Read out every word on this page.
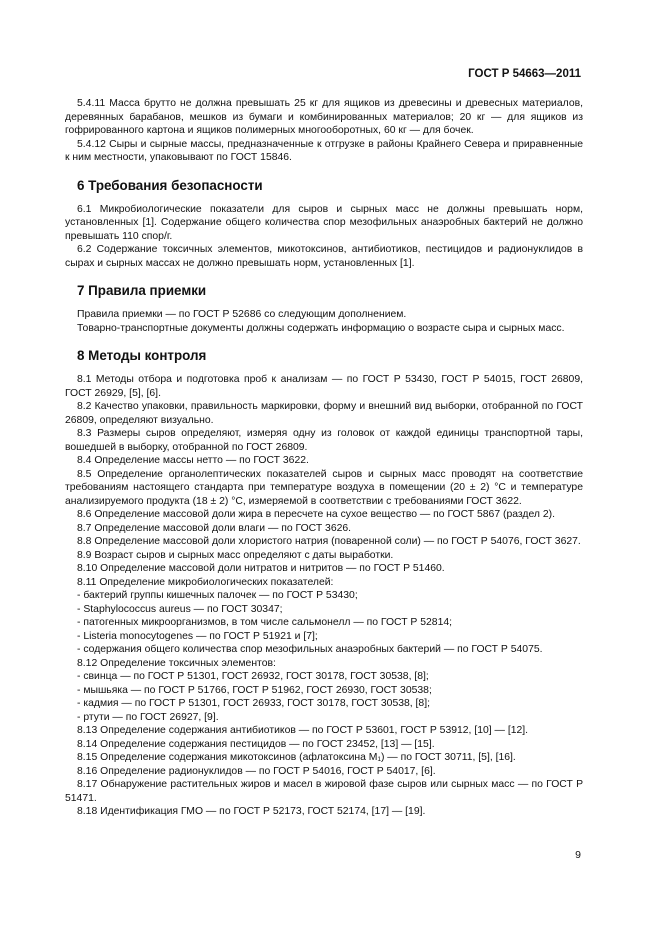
ГОСТ Р 54663—2011

5.4.11 Масса брутто не должна превышать 25 кг для ящиков из древесины и древесных материалов, деревянных барабанов, мешков из бумаги и комбинированных материалов; 20 кг — для ящиков из гофрированного картона и ящиков полимерных многооборотных, 60 кг — для бочек.

5.4.12 Сыры и сырные массы, предназначенные к отгрузке в районы Крайнего Севера и приравненные к ним местности, упаковывают по ГОСТ 15846.

6 Требования безопасности

6.1 Микробиологические показатели для сыров и сырных масс не должны превышать норм, установленных [1]. Содержание общего количества спор мезофильных анаэробных бактерий не должно превышать 110 спор/г.

6.2 Содержание токсичных элементов, микотоксинов, антибиотиков, пестицидов и радионуклидов в сырах и сырных массах не должно превышать норм, установленных [1].

7 Правила приемки

Правила приемки — по ГОСТ Р 52686 со следующим дополнением.

Товарно-транспортные документы должны содержать информацию о возрасте сыра и сырных масс.

8 Методы контроля

8.1 Методы отбора и подготовка проб к анализам — по ГОСТ Р 53430, ГОСТ Р 54015, ГОСТ 26809, ГОСТ 26929, [5], [6].

8.2 Качество упаковки, правильность маркировки, форму и внешний вид выборки, отобранной по ГОСТ 26809, определяют визуально.

8.3 Размеры сыров определяют, измеряя одну из головок от каждой единицы транспортной тары, вошедшей в выборку, отобранной по ГОСТ 26809.

8.4 Определение массы нетто — по ГОСТ 3622.

8.5 Определение органолептических показателей сыров и сырных масс проводят на соответствие требованиям настоящего стандарта при температуре воздуха в помещении (20 ± 2) °С и температуре анализируемого продукта (18 ± 2) °С, измеряемой в соответствии с требованиями ГОСТ 3622.

8.6 Определение массовой доли жира в пересчете на сухое вещество — по ГОСТ 5867 (раздел 2).

8.7 Определение массовой доли влаги — по ГОСТ 3626.

8.8 Определение массовой доли хлористого натрия (поваренной соли) — по ГОСТ Р 54076, ГОСТ 3627.

8.9 Возраст сыров и сырных масс определяют с даты выработки.

8.10 Определение массовой доли нитратов и нитритов — по ГОСТ Р 51460.

8.11 Определение микробиологических показателей:

- бактерий группы кишечных палочек — по ГОСТ Р 53430;

- Staphylococcus aureus — по ГОСТ 30347;

- патогенных микроорганизмов, в том числе сальмонелл — по ГОСТ Р 52814;

- Listeria monocytogenes — по ГОСТ Р 51921 и [7];

- содержания общего количества спор мезофильных анаэробных бактерий — по ГОСТ Р 54075.

8.12 Определение токсичных элементов:

- свинца — по ГОСТ Р 51301, ГОСТ 26932, ГОСТ 30178, ГОСТ 30538, [8];

- мышьяка — по ГОСТ Р 51766, ГОСТ Р 51962, ГОСТ 26930, ГОСТ 30538;

- кадмия — по ГОСТ Р 51301, ГОСТ 26933, ГОСТ 30178, ГОСТ 30538, [8];

- ртути — по ГОСТ 26927, [9].

8.13 Определение содержания антибиотиков — по ГОСТ Р 53601, ГОСТ Р 53912, [10] — [12].

8.14 Определение содержания пестицидов — по ГОСТ 23452, [13] — [15].

8.15 Определение содержания микотоксинов (афлатоксина M₁) — по ГОСТ 30711, [5], [16].

8.16 Определение радионуклидов — по ГОСТ Р 54016, ГОСТ Р 54017, [6].

8.17 Обнаружение растительных жиров и масел в жировой фазе сыров или сырных масс — по ГОСТ Р 51471.

8.18 Идентификация ГМО — по ГОСТ Р 52173, ГОСТ 52174, [17] — [19].

9
